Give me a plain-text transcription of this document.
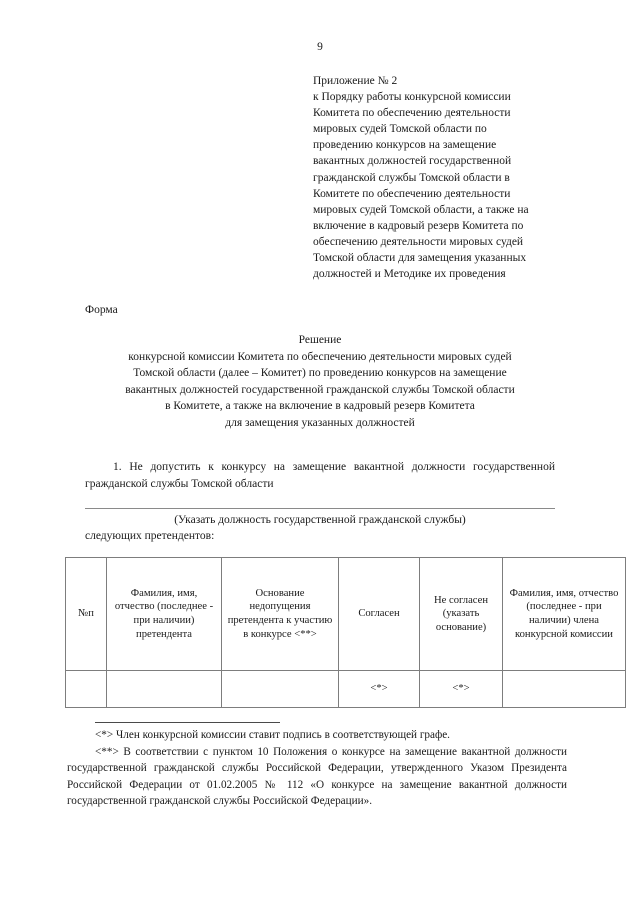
9
Приложение № 2
к Порядку работы конкурсной комиссии
Комитета по обеспечению деятельности
мировых судей Томской области по
проведению конкурсов на замещение
вакантных должностей государственной
гражданской службы Томской области в
Комитете по обеспечению деятельности
мировых судей Томской области, а также на
включение в кадровый резерв Комитета по
обеспечению деятельности мировых судей
Томской области для замещения указанных
должностей и Методике их проведения
Форма
Решение
конкурсной комиссии Комитета по обеспечению деятельности мировых судей
Томской области (далее – Комитет) по проведению конкурсов на замещение
вакантных должностей государственной гражданской службы Томской области
в Комитете, а также на включение в кадровый резерв Комитета
для замещения указанных должностей
1. Не допустить к конкурсу на замещение вакантной должности государственной гражданской службы Томской области
(Указать должность государственной гражданской службы)
следующих претендентов:
№п	Фамилия, имя, отчество (последнее - при наличии) претендента	Основание недопущения претендента к участию в конкурсе <**>	Согласен	Не согласен (указать основание)	Фамилия, имя, отчество (последнее - при наличии) члена конкурсной комиссии
			<*>	<*>	

<*> Член конкурсной комиссии ставит подпись в соответствующей графе.

<**> В соответствии с пунктом 10 Положения о конкурсе на замещение вакантной должности государственной гражданской службы Российской Федерации, утвержденного Указом Президента Российской Федерации от 01.02.2005 № 112 «О конкурсе на замещение вакантной должности государственной гражданской службы Российской Федерации».
